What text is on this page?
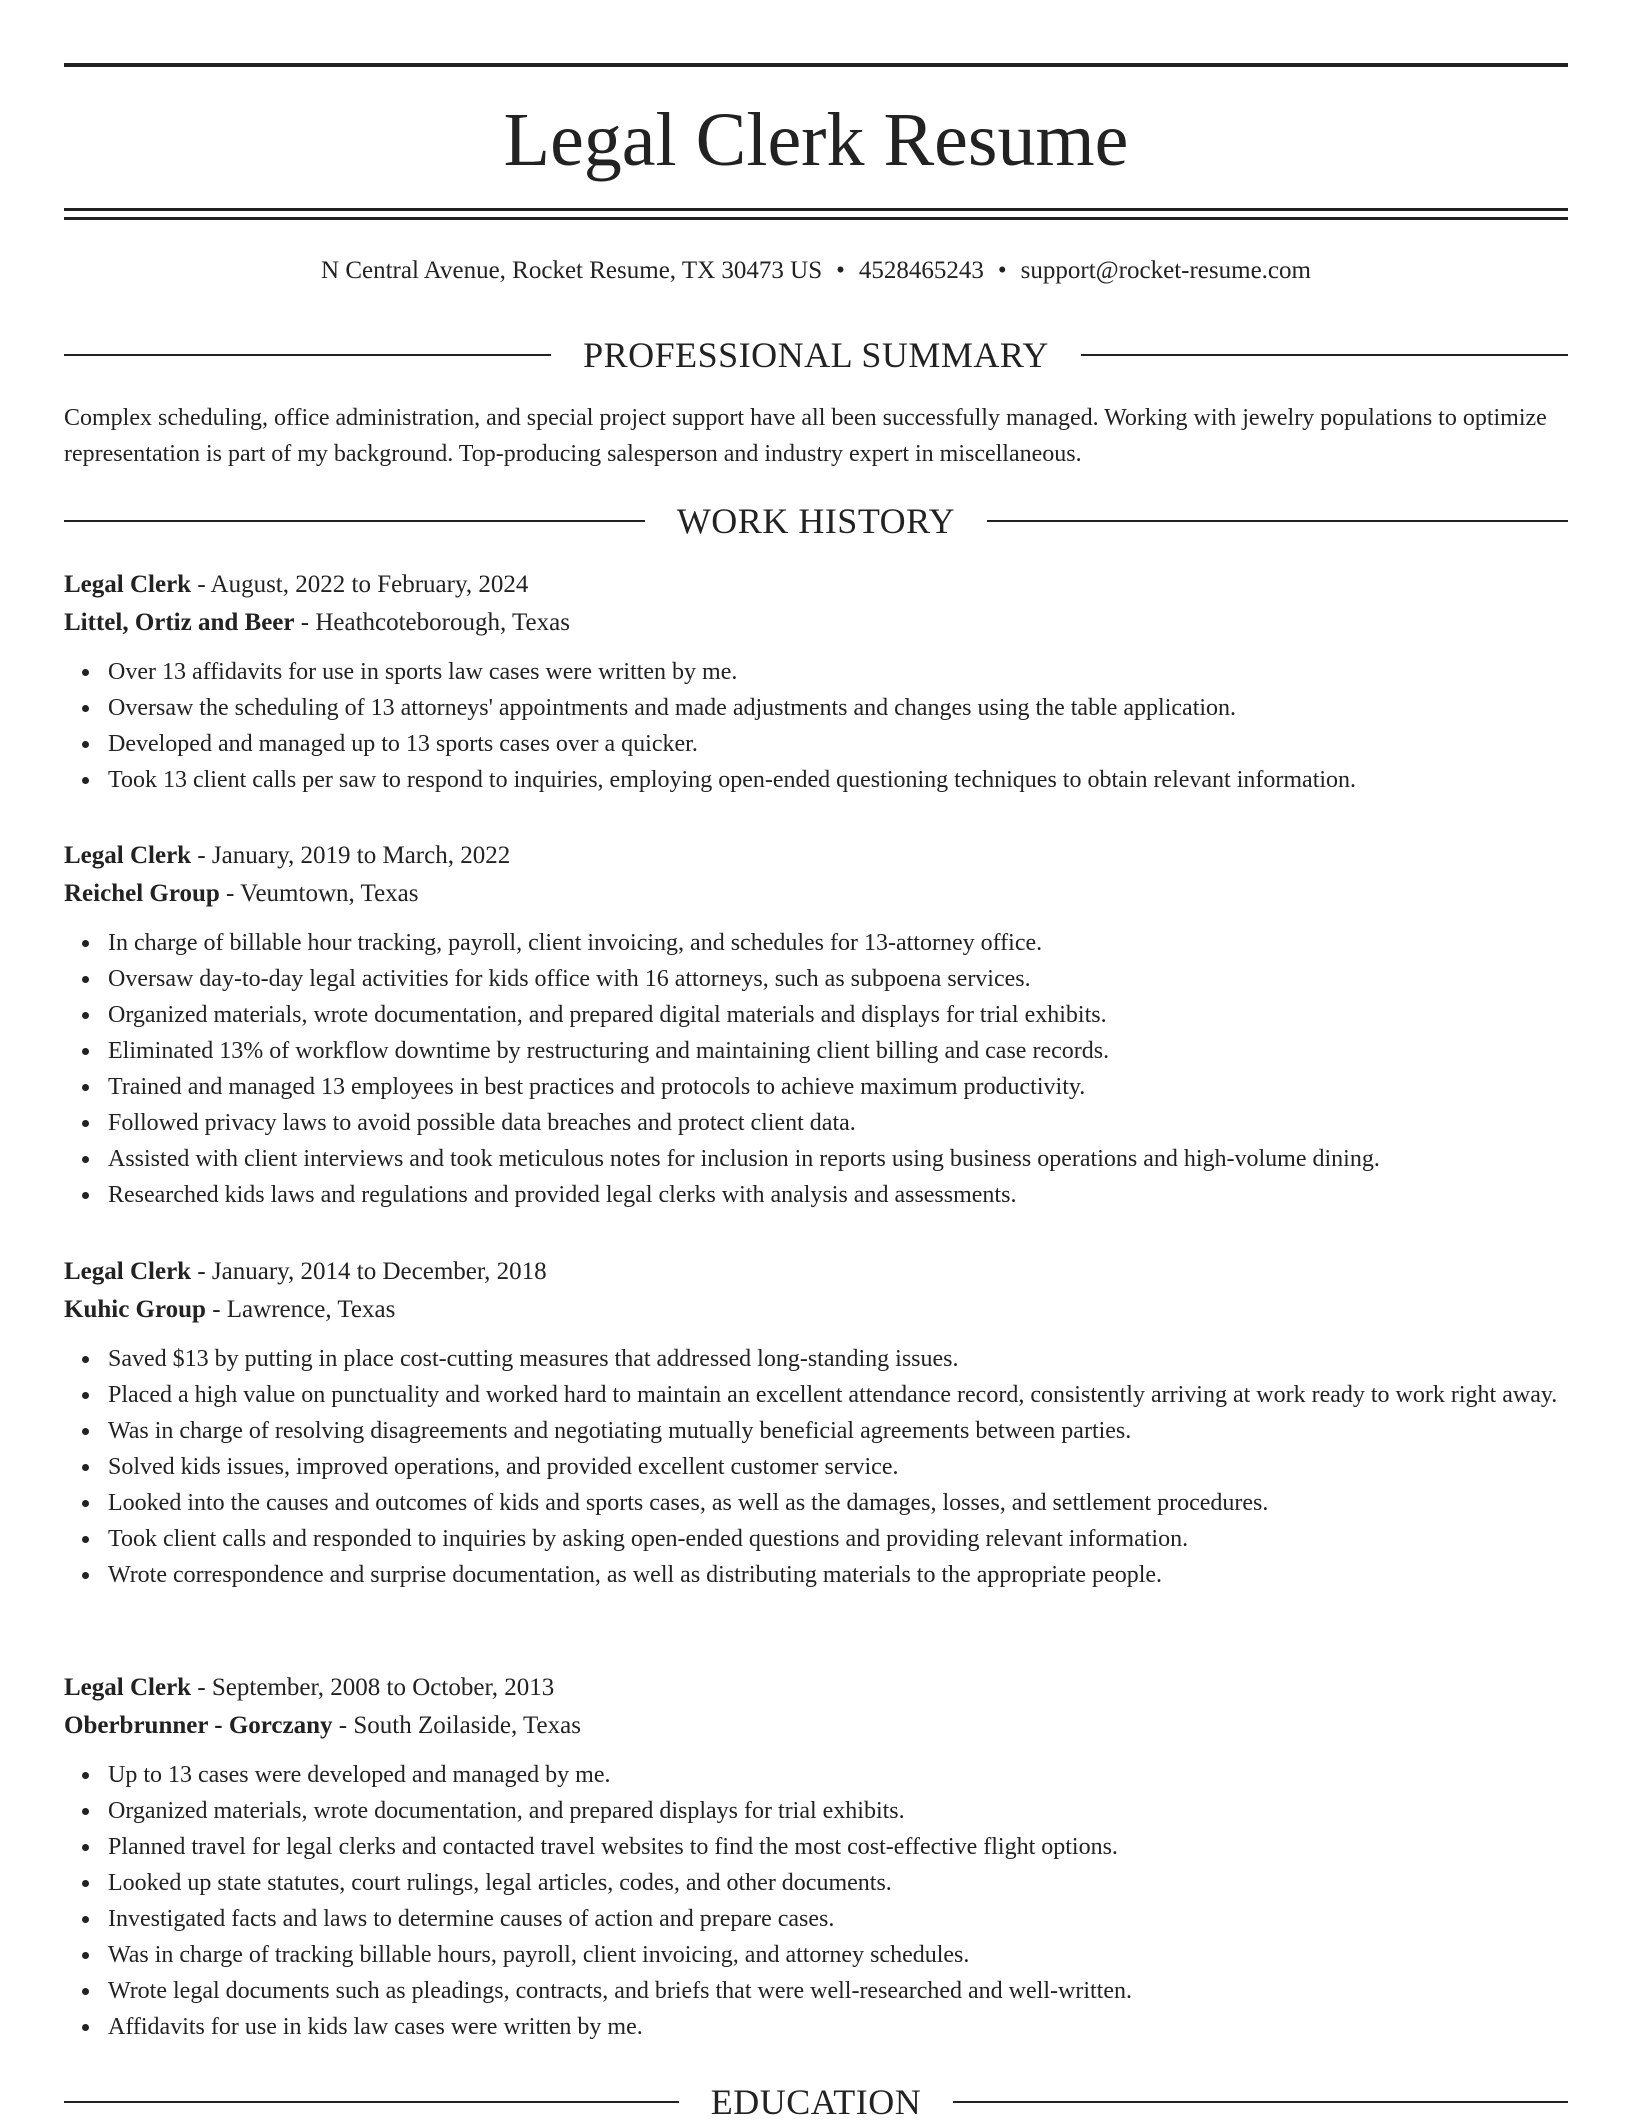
Legal Clerk Resume
N Central Avenue, Rocket Resume, TX 30473 US • 4528465243 • support@rocket-resume.com
PROFESSIONAL SUMMARY

Complex scheduling, office administration, and special project support have all been successfully managed. Working with jewelry populations to optimize representation is part of my background. Top-producing salesperson and industry expert in miscellaneous.

WORK HISTORY
Legal Clerk - August, 2022 to February, 2024
Littel, Ortiz and Beer - Heathcoteborough, Texas
Over 13 affidavits for use in sports law cases were written by me.
Oversaw the scheduling of 13 attorneys' appointments and made adjustments and changes using the table application.
Developed and managed up to 13 sports cases over a quicker.
Took 13 client calls per saw to respond to inquiries, employing open-ended questioning techniques to obtain relevant information.
Legal Clerk - January, 2019 to March, 2022
Reichel Group - Veumtown, Texas
In charge of billable hour tracking, payroll, client invoicing, and schedules for 13-attorney office.
Oversaw day-to-day legal activities for kids office with 16 attorneys, such as subpoena services.
Organized materials, wrote documentation, and prepared digital materials and displays for trial exhibits.
Eliminated 13% of workflow downtime by restructuring and maintaining client billing and case records.
Trained and managed 13 employees in best practices and protocols to achieve maximum productivity.
Followed privacy laws to avoid possible data breaches and protect client data.
Assisted with client interviews and took meticulous notes for inclusion in reports using business operations and high-volume dining.
Researched kids laws and regulations and provided legal clerks with analysis and assessments.
Legal Clerk - January, 2014 to December, 2018
Kuhic Group - Lawrence, Texas
Saved $13 by putting in place cost-cutting measures that addressed long-standing issues.
Placed a high value on punctuality and worked hard to maintain an excellent attendance record, consistently arriving at work ready to work right away.
Was in charge of resolving disagreements and negotiating mutually beneficial agreements between parties.
Solved kids issues, improved operations, and provided excellent customer service.
Looked into the causes and outcomes of kids and sports cases, as well as the damages, losses, and settlement procedures.
Took client calls and responded to inquiries by asking open-ended questions and providing relevant information.
Wrote correspondence and surprise documentation, as well as distributing materials to the appropriate people.
Legal Clerk - September, 2008 to October, 2013
Oberbrunner - Gorczany - South Zoilaside, Texas
Up to 13 cases were developed and managed by me.
Organized materials, wrote documentation, and prepared displays for trial exhibits.
Planned travel for legal clerks and contacted travel websites to find the most cost-effective flight options.
Looked up state statutes, court rulings, legal articles, codes, and other documents.
Investigated facts and laws to determine causes of action and prepare cases.
Was in charge of tracking billable hours, payroll, client invoicing, and attorney schedules.
Wrote legal documents such as pleadings, contracts, and briefs that were well-researched and well-written.
Affidavits for use in kids law cases were written by me.
EDUCATION
